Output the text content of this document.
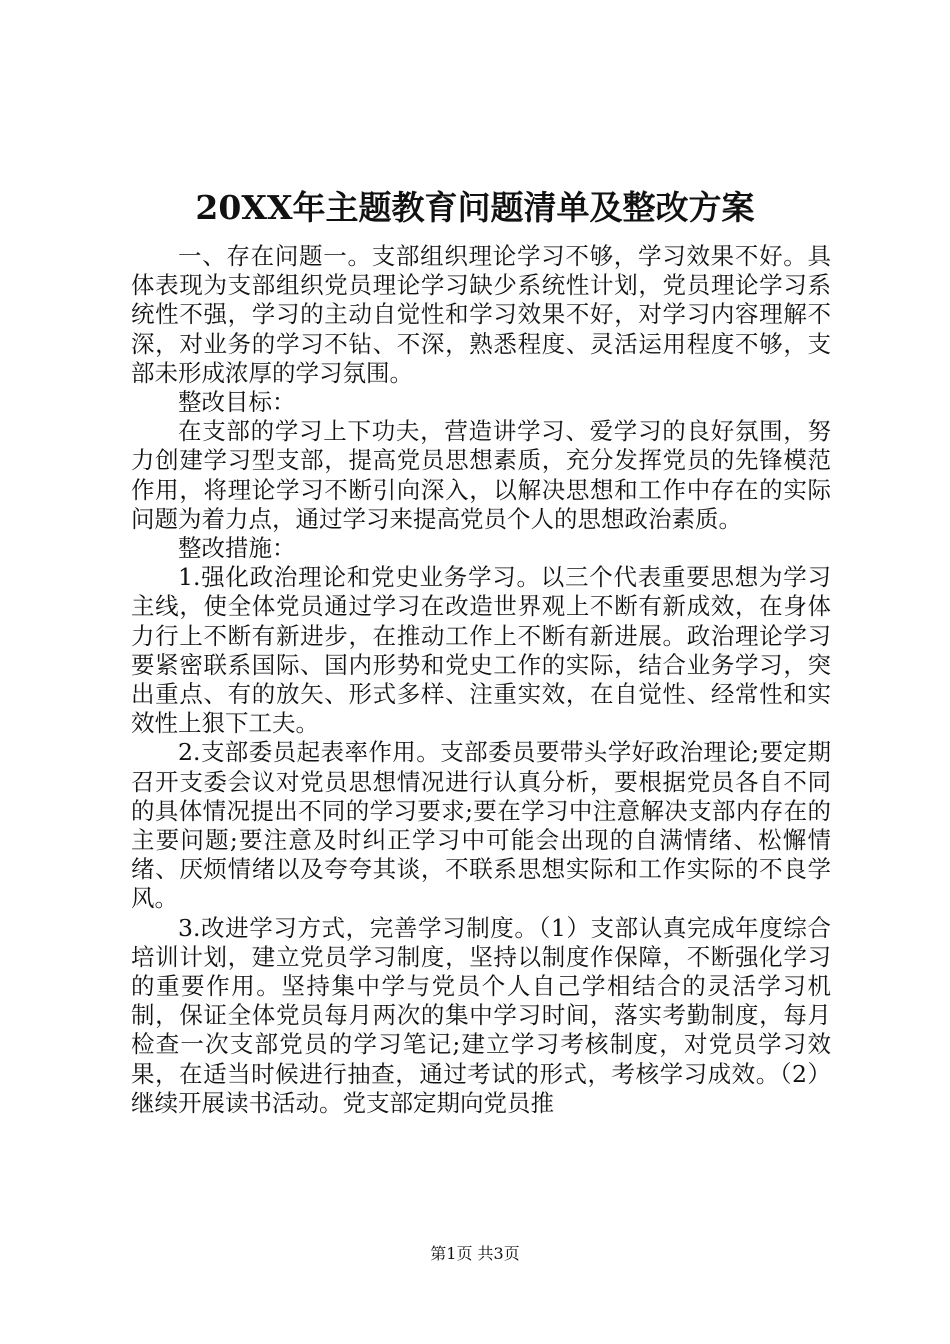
20XX年主题教育问题清单及整改方案

一、存在问题一。支部组织理论学习不够，学习效果不好。具体表现为支部组织党员理论学习缺少系统性计划，党员理论学习系统性不强，学习的主动自觉性和学习效果不好，对学习内容理解不深，对业务的学习不钻、不深，熟悉程度、灵活运用程度不够，支部未形成浓厚的学习氛围。

整改目标：

在支部的学习上下功夫，营造讲学习、爱学习的良好氛围，努力创建学习型支部，提高党员思想素质，充分发挥党员的先锋模范作用，将理论学习不断引向深入，以解决思想和工作中存在的实际问题为着力点，通过学习来提高党员个人的思想政治素质。

整改措施：

1.强化政治理论和党史业务学习。以三个代表重要思想为学习主线，使全体党员通过学习在改造世界观上不断有新成效，在身体力行上不断有新进步，在推动工作上不断有新进展。政治理论学习要紧密联系国际、国内形势和党史工作的实际，结合业务学习，突出重点、有的放矢、形式多样、注重实效，在自觉性、经常性和实效性上狠下工夫。

2.支部委员起表率作用。支部委员要带头学好政治理论;要定期召开支委会议对党员思想情况进行认真分析，要根据党员各自不同的具体情况提出不同的学习要求;要在学习中注意解决支部内存在的主要问题;要注意及时纠正学习中可能会出现的自满情绪、松懈情绪、厌烦情绪以及夸夸其谈，不联系思想实际和工作实际的不良学风。

3.改进学习方式，完善学习制度。（1）支部认真完成年度综合培训计划，建立党员学习制度，坚持以制度作保障，不断强化学习的重要作用。坚持集中学与党员个人自己学相结合的灵活学习机制，保证全体党员每月两次的集中学习时间，落实考勤制度，每月检查一次支部党员的学习笔记;建立学习考核制度，对党员学习效果，在适当时候进行抽查，通过考试的形式，考核学习成效。（2）继续开展读书活动。党支部定期向党员推

第1页 共3页
